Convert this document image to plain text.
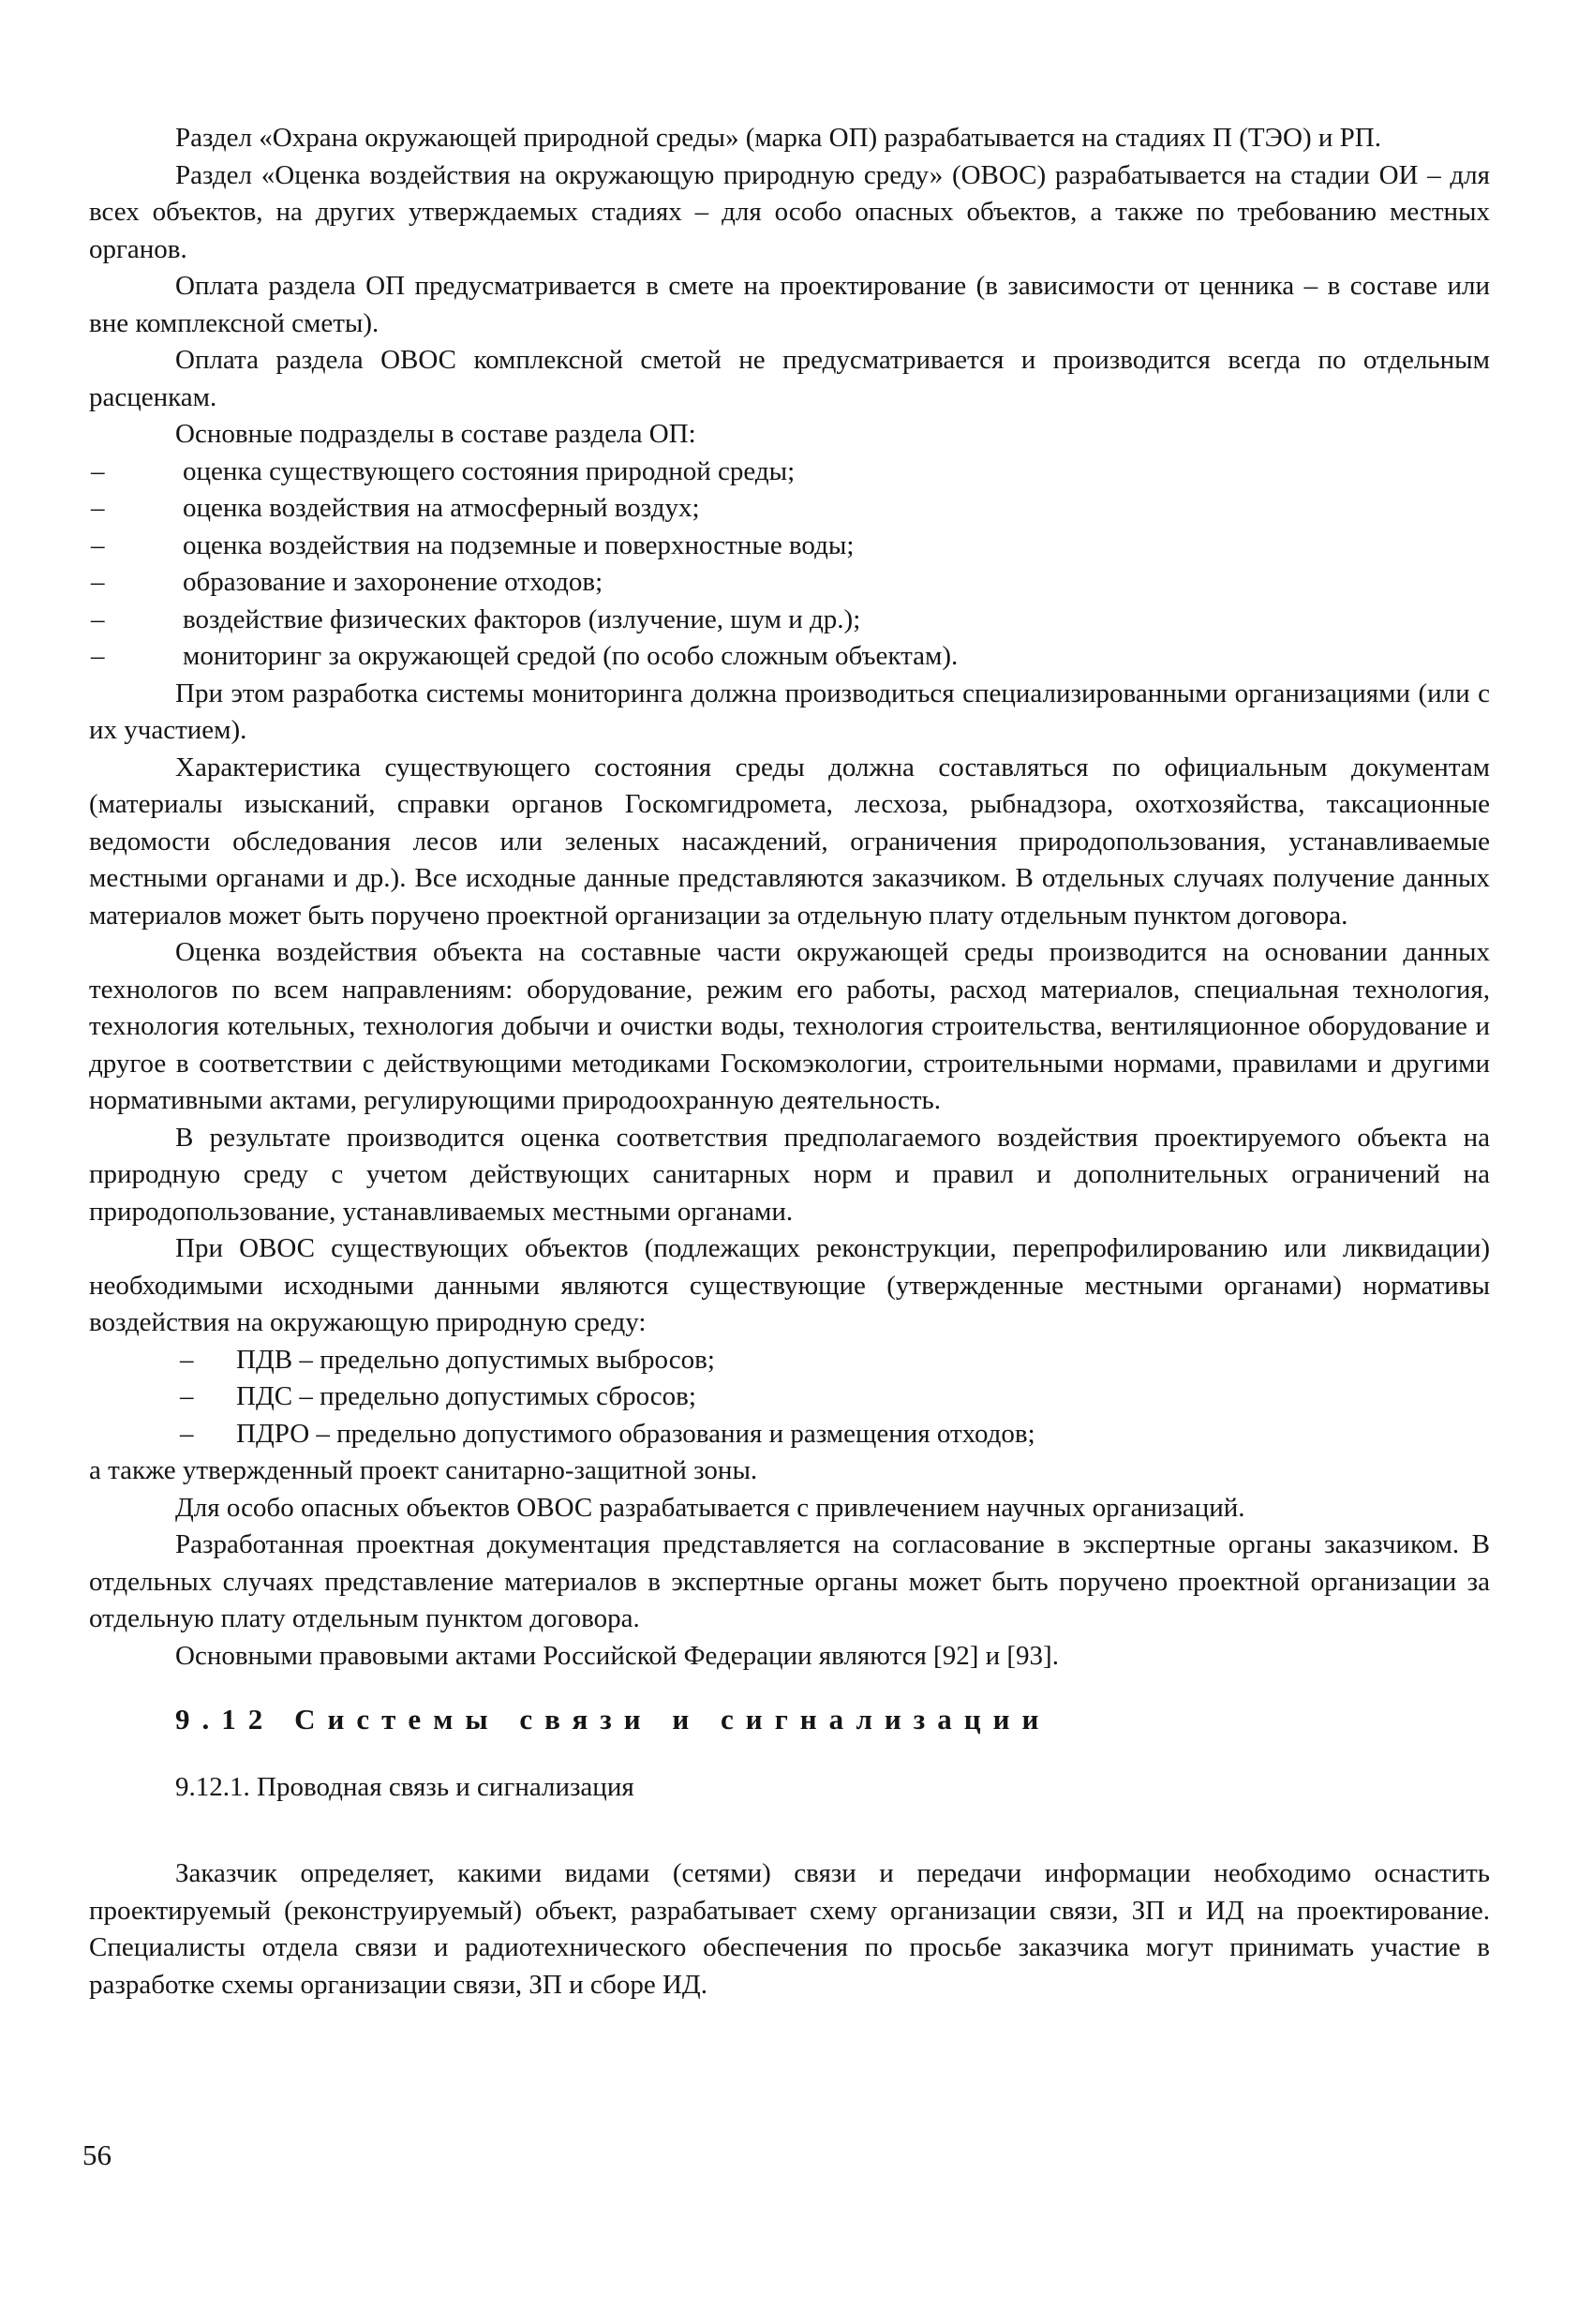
Раздел «Охрана окружающей природной среды» (марка ОП) разрабатывается на стадиях П (ТЭО) и РП.

Раздел «Оценка воздействия на окружающую природную среду» (ОВОС) разрабатывается на стадии ОИ – для всех объектов, на других утверждаемых стадиях – для особо опасных объектов, а также по требованию местных органов.

Оплата раздела ОП предусматривается в смете на проектирование (в зависимости от ценника – в составе или вне комплексной сметы).

Оплата раздела ОВОС комплексной сметой не предусматривается и производится всегда по отдельным расценкам.

Основные подразделы в составе раздела ОП:

– оценка существующего состояния природной среды;
– оценка воздействия на атмосферный воздух;
– оценка воздействия на подземные и поверхностные воды;
– образование и захоронение отходов;
– воздействие физических факторов (излучение, шум и др.);
– мониторинг за окружающей средой (по особо сложным объектам).

При этом разработка системы мониторинга должна производиться специализированными организациями (или с их участием).

Характеристика существующего состояния среды должна составляться по официальным документам (материалы изысканий, справки органов Госкомгидромета, лесхоза, рыбнадзора, охотхозяйства, таксационные ведомости обследования лесов или зеленых насаждений, ограничения природопользования, устанавливаемые местными органами и др.). Все исходные данные представляются заказчиком. В отдельных случаях получение данных материалов может быть поручено проектной организации за отдельную плату отдельным пунктом договора.

Оценка воздействия объекта на составные части окружающей среды производится на основании данных технологов по всем направлениям: оборудование, режим его работы, расход материалов, специальная технология, технология котельных, технология добычи и очистки воды, технология строительства, вентиляционное оборудование и другое в соответствии с действующими методиками Госкомэкологии, строительными нормами, правилами и другими нормативными актами, регулирующими природоохранную деятельность.

В результате производится оценка соответствия предполагаемого воздействия проектируемого объекта на природную среду с учетом действующих санитарных норм и правил и дополнительных ограничений на природопользование, устанавливаемых местными органами.

При ОВОС существующих объектов (подлежащих реконструкции, перепрофилированию или ликвидации) необходимыми исходными данными являются существующие (утвержденные местными органами) нормативы воздействия на окружающую природную среду:

– ПДВ – предельно допустимых выбросов;
– ПДС – предельно допустимых сбросов;
– ПДРО – предельно допустимого образования и размещения отходов;

а также утвержденный проект санитарно-защитной зоны.

Для особо опасных объектов ОВОС разрабатывается с привлечением научных организаций.

Разработанная проектная документация представляется на согласование в экспертные органы заказчиком. В отдельных случаях представление материалов в экспертные органы может быть поручено проектной организации за отдельную плату отдельным пунктом договора.

Основными правовыми актами Российской Федерации являются [92] и [93].

9.12 Системы связи и сигнализации
9.12.1. Проводная связь и сигнализация

Заказчик определяет, какими видами (сетями) связи и передачи информации необходимо оснастить проектируемый (реконструируемый) объект, разрабатывает схему организации связи, ЗП и ИД на проектирование. Специалисты отдела связи и радиотехнического обеспечения по просьбе заказчика могут принимать участие в разработке схемы организации связи, ЗП и сборе ИД.

56
